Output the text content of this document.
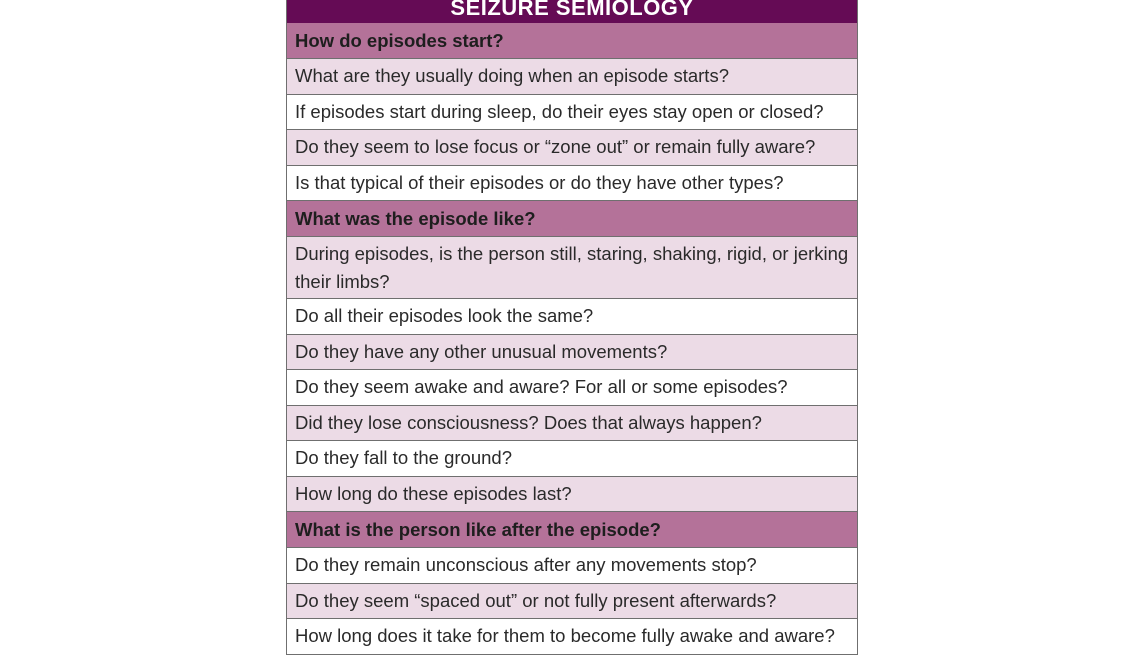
SEIZURE SEMIOLOGY
How do episodes start?
What are they usually doing when an episode starts?
If episodes start during sleep, do their eyes stay open or closed?
Do they seem to lose focus or “zone out” or remain fully aware?
Is that typical of their episodes or do they have other types?
What was the episode like?
During episodes, is the person still, staring, shaking, rigid, or jerking their limbs?
Do all their episodes look the same?
Do they have any other unusual movements?
Do they seem awake and aware? For all or some episodes?
Did they lose consciousness? Does that always happen?
Do they fall to the ground?
How long do these episodes last?
What is the person like after the episode?
Do they remain unconscious after any movements stop?
Do they seem “spaced out” or not fully present afterwards?
How long does it take for them to become fully awake and aware?
